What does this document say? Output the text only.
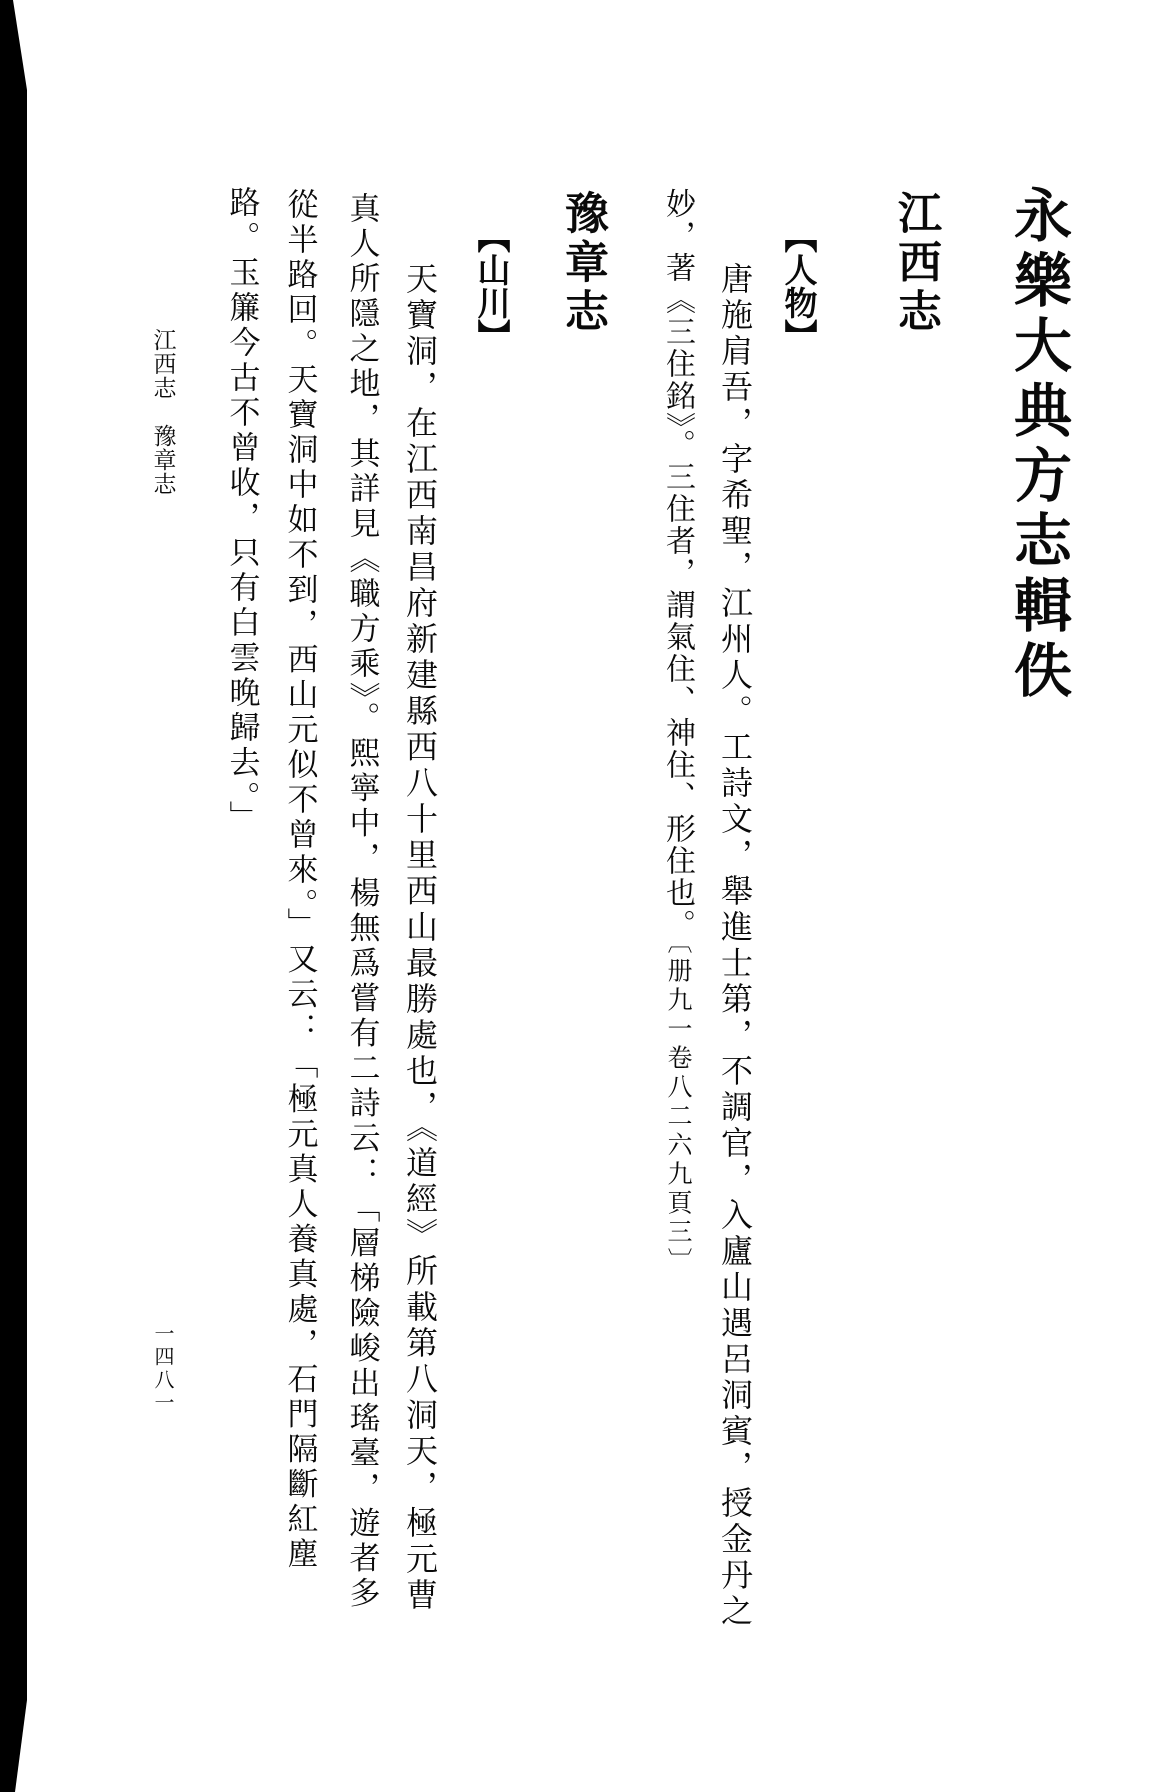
永樂大典方志輯佚
江西志
【人物】
唐施肩吾，字希聖，江州人。工詩文，舉進士第，不調官，入廬山遇呂洞賓，授金丹之
妙，著《三住銘》。三住者，謂氣住、神住、形住也。〔册九一卷八二六九頁三〕
豫章志
【山川】
天寶洞，在江西南昌府新建縣西八十里西山最勝處也，《道經》所載第八洞天，極元曹
真人所隱之地，其詳見《職方乘》。熙寧中，楊無爲嘗有二詩云：「層梯險峻出瑤臺，遊者多
從半路回。天寶洞中如不到，西山元似不曾來。」又云：「極元真人養真處，石門隔斷紅塵
路。玉簾今古不曾收，只有白雲晚歸去。」
江西志　豫章志
一四八一
